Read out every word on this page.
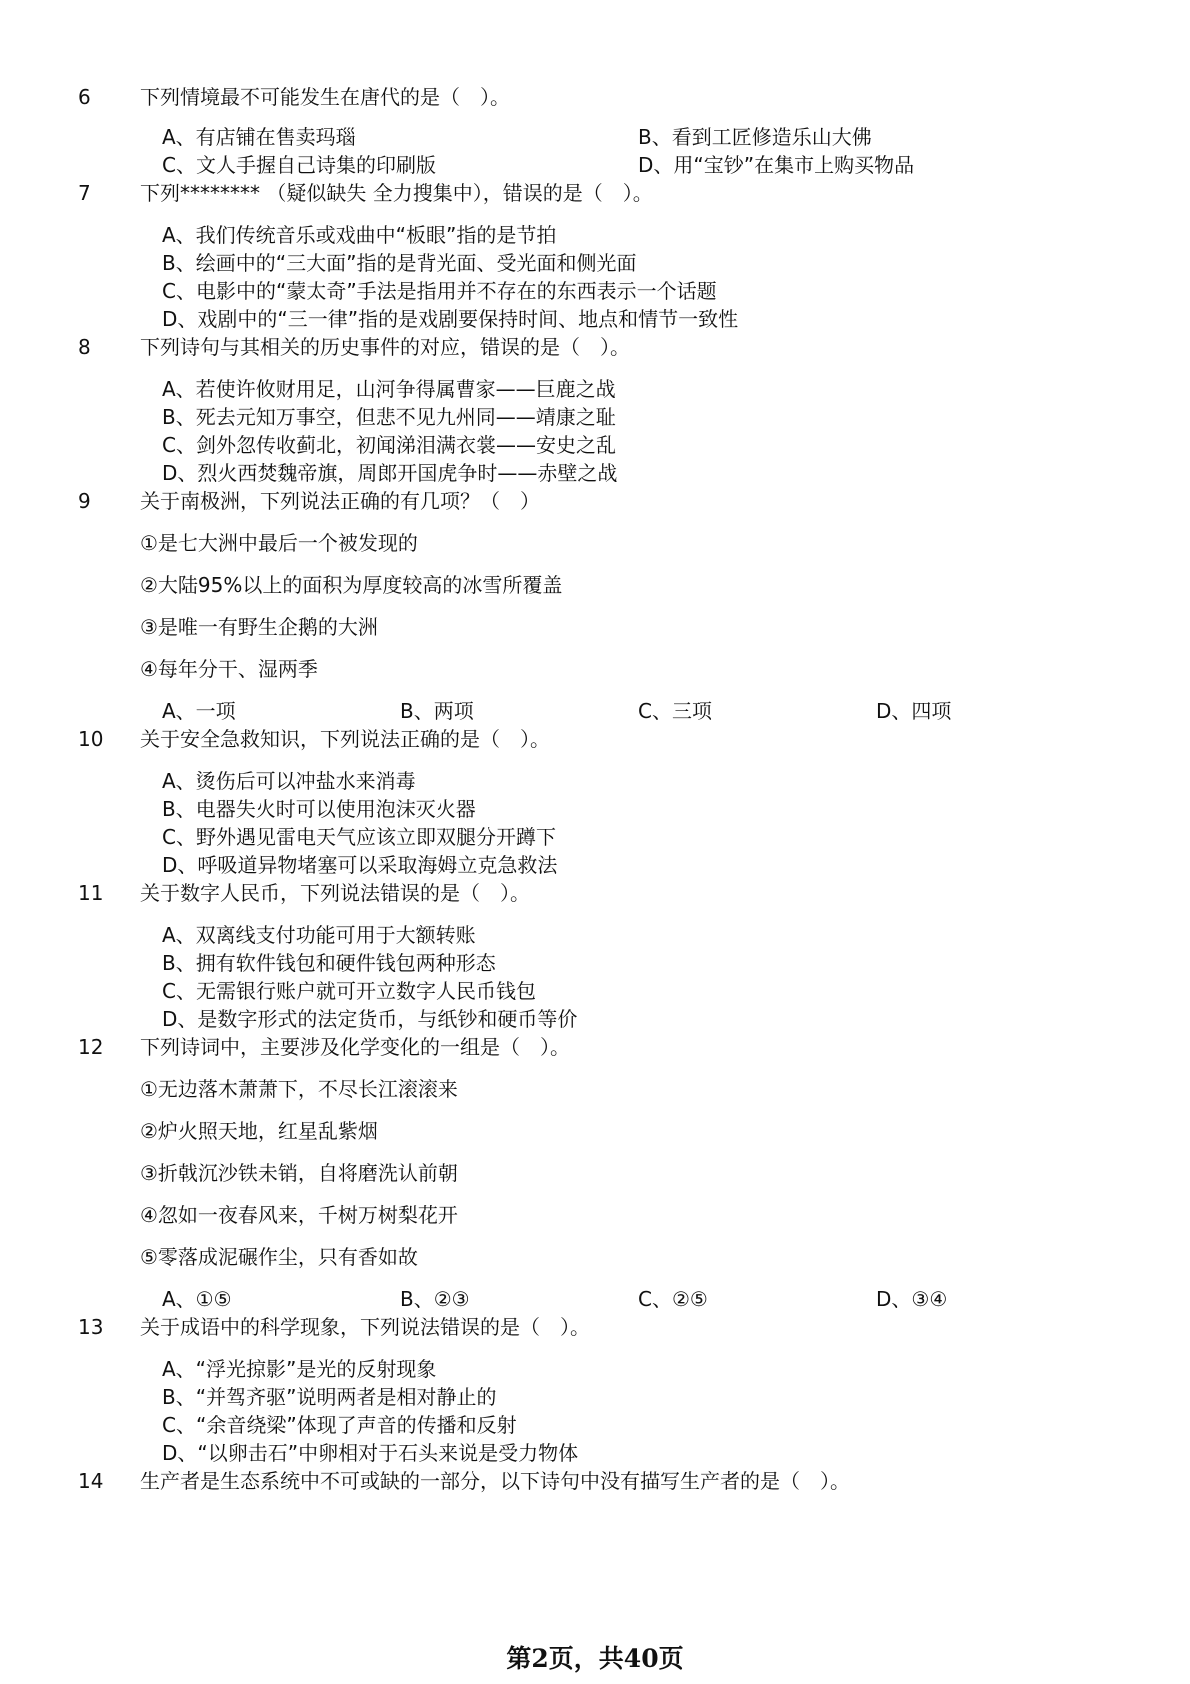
6 下列情境最不可能发生在唐代的是（　）。
A、有店铺在售卖玛瑙	B、看到工匠修造乐山大佛
C、文人手握自己诗集的印刷版	D、用“宝钞”在集市上购买物品
7 下列******** （疑似缺失 全力搜集中），错误的是（　）。
A、我们传统音乐或戏曲中“板眼”指的是节拍
B、绘画中的“三大面”指的是背光面、受光面和侧光面
C、电影中的“蒙太奇”手法是指用并不存在的东西表示一个话题
D、戏剧中的“三一律”指的是戏剧要保持时间、地点和情节一致性
8 下列诗句与其相关的历史事件的对应，错误的是（　）。
A、若使许攸财用足，山河争得属曹家——巨鹿之战
B、死去元知万事空，但悲不见九州同——靖康之耻
C、剑外忽传收蓟北，初闻涕泪满衣裳——安史之乱
D、烈火西焚魏帝旗，周郎开国虎争时——赤壁之战
9 关于南极洲，下列说法正确的有几项？（　）
①是七大洲中最后一个被发现的
②大陆95%以上的面积为厚度较高的冰雪所覆盖
③是唯一有野生企鹅的大洲
④每年分干、湿两季
A、一项	B、两项	C、三项	D、四项
10 关于安全急救知识，下列说法正确的是（　）。
A、烫伤后可以冲盐水来消毒
B、电器失火时可以使用泡沫灭火器
C、野外遇见雷电天气应该立即双腿分开蹲下
D、呼吸道异物堵塞可以采取海姆立克急救法
11 关于数字人民币，下列说法错误的是（　）。
A、双离线支付功能可用于大额转账
B、拥有软件钱包和硬件钱包两种形态
C、无需银行账户就可开立数字人民币钱包
D、是数字形式的法定货币，与纸钞和硬币等价
12 下列诗词中，主要涉及化学变化的一组是（　）。
①无边落木萧萧下，不尽长江滚滚来
②炉火照天地，红星乱紫烟
③折戟沉沙铁未销，自将磨洗认前朝
④忽如一夜春风来，千树万树梨花开
⑤零落成泥碾作尘，只有香如故
A、①⑤	B、②③	C、②⑤	D、③④
13 关于成语中的科学现象，下列说法错误的是（　）。
A、“浮光掠影”是光的反射现象
B、“并驾齐驱”说明两者是相对静止的
C、“余音绕梁”体现了声音的传播和反射
D、“以卵击石”中卵相对于石头来说是受力物体
14 生产者是生态系统中不可或缺的一部分，以下诗句中没有描写生产者的是（　）。
第2页，共40页
